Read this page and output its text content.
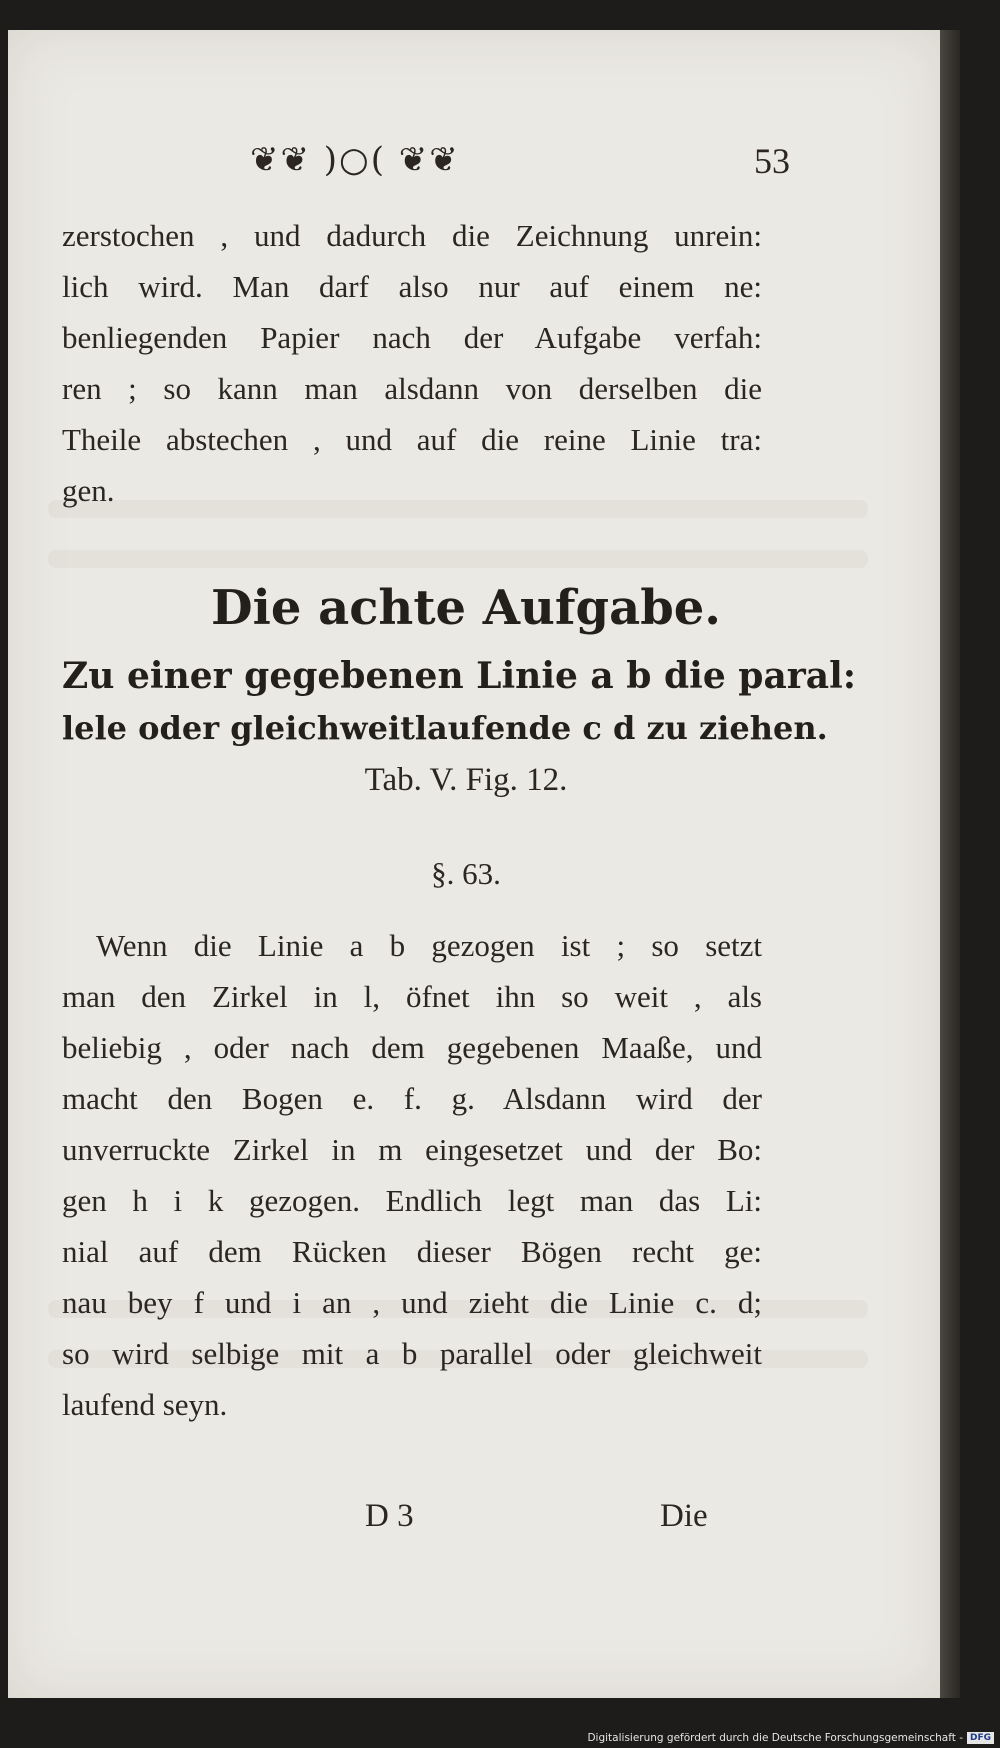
❦❦ )○( ❦❦	53
zerstochen , und dadurch die Zeichnung unrein:
lich wird. Man darf also nur auf einem ne:
benliegenden Papier nach der Aufgabe verfah:
ren ; so kann man alsdann von derselben die
Theile abstechen , und auf die reine Linie tra:
gen.
Die achte Aufgabe.
Zu einer gegebenen Linie a b die paral:
lele oder gleichweitlaufende c d zu ziehen.
Tab. V. Fig. 12.
§. 63.
Wenn die Linie a b gezogen ist ; so setzt
man den Zirkel in l, öfnet ihn so weit , als
beliebig , oder nach dem gegebenen Maaße, und
macht den Bogen e. f. g. Alsdann wird der
unverruckte Zirkel in m eingesetzet und der Bo:
gen h i k gezogen. Endlich legt man das Li:
nial auf dem Rücken dieser Bögen recht ge:
nau bey f und i an , und zieht die Linie c. d;
so wird selbige mit a b parallel oder gleichweit
laufend seyn.
D 3	Die
Digitalisierung gefördert durch die Deutsche Forschungsgemeinschaft - DFG
